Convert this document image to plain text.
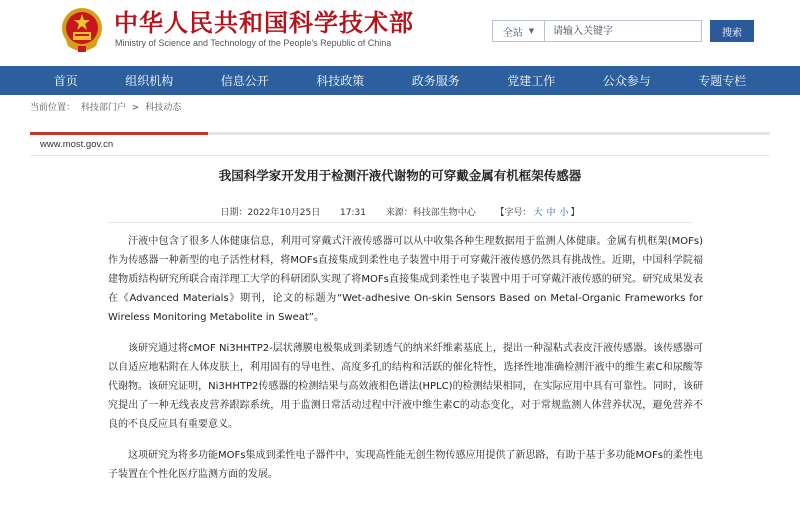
中华人民共和国科学技术部
Ministry of Science and Technology of the People's Republic of China
全站 ▼
请输入关键字	搜索
首页	组织机构	信息公开	科技政策	政务服务	党建工作	公众参与	专题专栏
当前位置： 科技部门户 > 科技动态
www.most.gov.cn
我国科学家开发用于检测汗液代谢物的可穿戴金属有机框架传感器
日期：2022年10月25日 17:31 来源：科技部生物中心 【字号： 大 中 小 】

汗液中包含了很多人体健康信息，利用可穿戴式汗液传感器可以从中收集各种生理数据用于监测人体健康。金属有机框架(MOFs)作为传感器一种新型的电子活性材料，将MOFs直接集成到柔性电子装置中用于可穿戴汗液传感仍然具有挑战性。近期，中国科学院福建物质结构研究所联合南洋理工大学的科研团队实现了将MOFs直接集成到柔性电子装置中用于可穿戴汗液传感的研究。研究成果发表在《Advanced Materials》期刊，论文的标题为“Wet-adhesive On-skin Sensors Based on Metal-Organic Frameworks for Wireless Monitoring Metabolite in Sweat”。

该研究通过将cMOF Ni3HHTP2-层状薄膜电极集成到柔韧透气的纳米纤维素基底上，提出一种湿粘式表皮汗液传感器。该传感器可以自适应地粘附在人体皮肤上，利用固有的导电性、高度多孔的结构和活跃的催化特性，选择性地准确检测汗液中的维生素C和尿酸等代谢物。该研究证明，Ni3HHTP2传感器的检测结果与高效液相色谱法(HPLC)的检测结果相同，在实际应用中具有可靠性。同时，该研究提出了一种无线表皮营养跟踪系统，用于监测日常活动过程中汗液中维生素C的动态变化，对于常规监测人体营养状况，避免营养不良的不良反应具有重要意义。

这项研究为将多功能MOFs集成到柔性电子器件中，实现高性能无创生物传感应用提供了新思路，有助于基于多功能MOFs的柔性电子装置在个性化医疗监测方面的发展。
